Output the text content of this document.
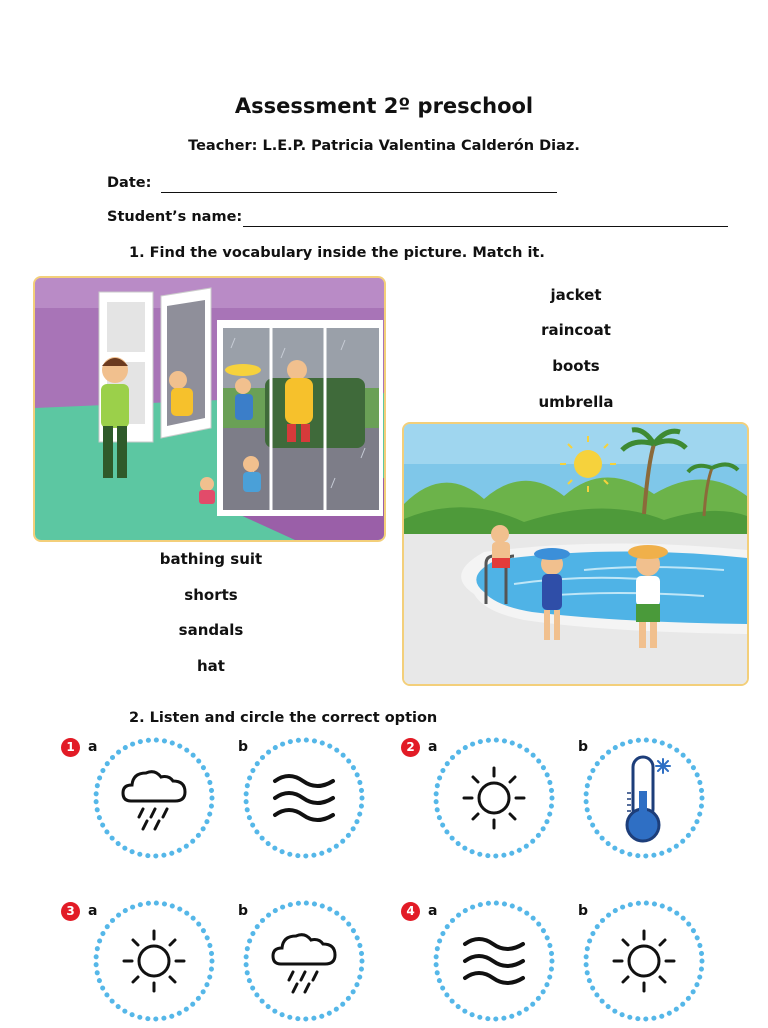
Assessment 2º preschool
Teacher: L.E.P. Patricia Valentina Calderón Diaz.
Date:
Student’s name:
1. Find the vocabulary inside the picture. Match it.
jacket
raincoat
boots
umbrella
bathing suit
shorts
sandals
hat
2. Listen and circle the correct option
1 a	b	2 a	b
3 a	b	4 a	b
